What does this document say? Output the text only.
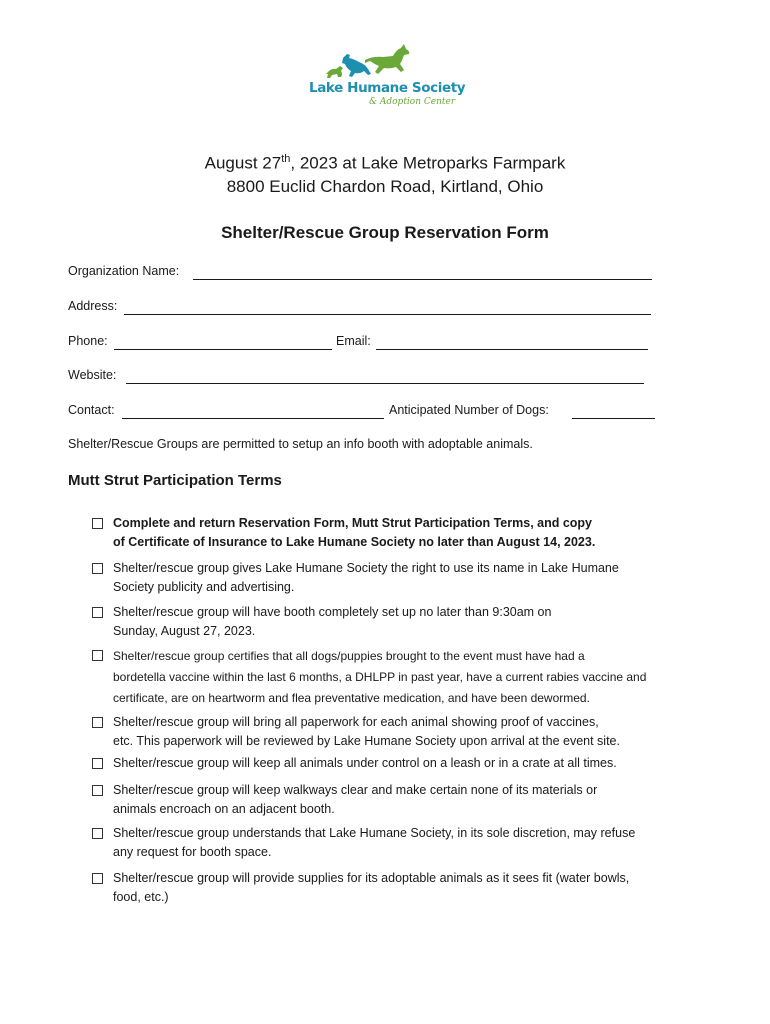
Lake Humane Society
& Adoption Center
August 27th, 2023 at Lake Metroparks Farmpark
8800 Euclid Chardon Road, Kirtland, Ohio
Shelter/Rescue Group Reservation Form
Organization Name:
Address:
Phone:	Email:
Website:
Contact:	Anticipated Number of Dogs:
Shelter/Rescue Groups are permitted to setup an info booth with adoptable animals.
Mutt Strut Participation Terms
Complete and return Reservation Form, Mutt Strut Participation Terms, and copy
of Certificate of Insurance to Lake Humane Society no later than August 14, 2023.
Shelter/rescue group gives Lake Humane Society the right to use its name in Lake Humane
Society publicity and advertising.
Shelter/rescue group will have booth completely set up no later than 9:30am on
Sunday, August 27, 2023.
Shelter/rescue group certifies that all dogs/puppies brought to the event must have had a
bordetella vaccine within the last 6 months, a DHLPP in past year, have a current rabies vaccine and
certificate, are on heartworm and flea preventative medication, and have been dewormed.
Shelter/rescue group will bring all paperwork for each animal showing proof of vaccines,
etc. This paperwork will be reviewed by Lake Humane Society upon arrival at the event site.
Shelter/rescue group will keep all animals under control on a leash or in a crate at all times.
Shelter/rescue group will keep walkways clear and make certain none of its materials or
animals encroach on an adjacent booth.
Shelter/rescue group understands that Lake Humane Society, in its sole discretion, may refuse
any request for booth space.
Shelter/rescue group will provide supplies for its adoptable animals as it sees fit (water bowls,
food, etc.)
